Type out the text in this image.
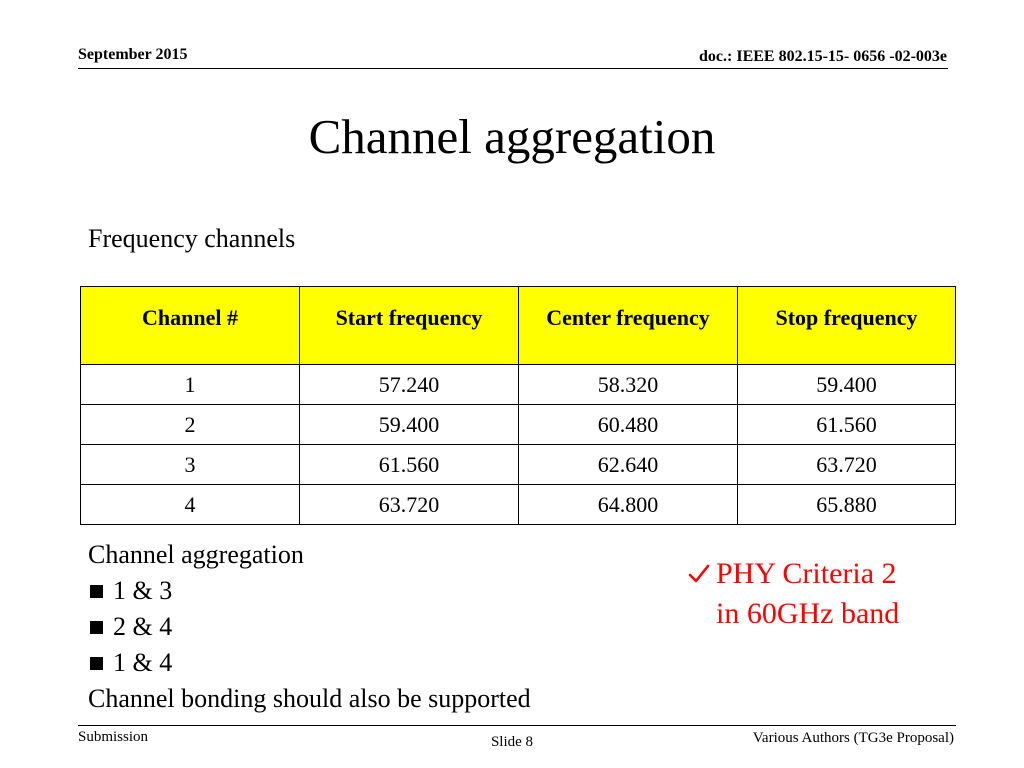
September 2015	doc.: IEEE 802.15-15- 0656 -02-003e
Channel aggregation
Frequency channels
Channel #	Start frequency	Center frequency	Stop frequency
1	57.240	58.320	59.400
2	59.400	60.480	61.560
3	61.560	62.640	63.720
4	63.720	64.800	65.880
Channel aggregation
1 & 3
2 & 4
1 & 4
Channel bonding should also be supported
PHY Criteria 2
in 60GHz band
Submission	Slide 8	Various Authors (TG3e Proposal)
